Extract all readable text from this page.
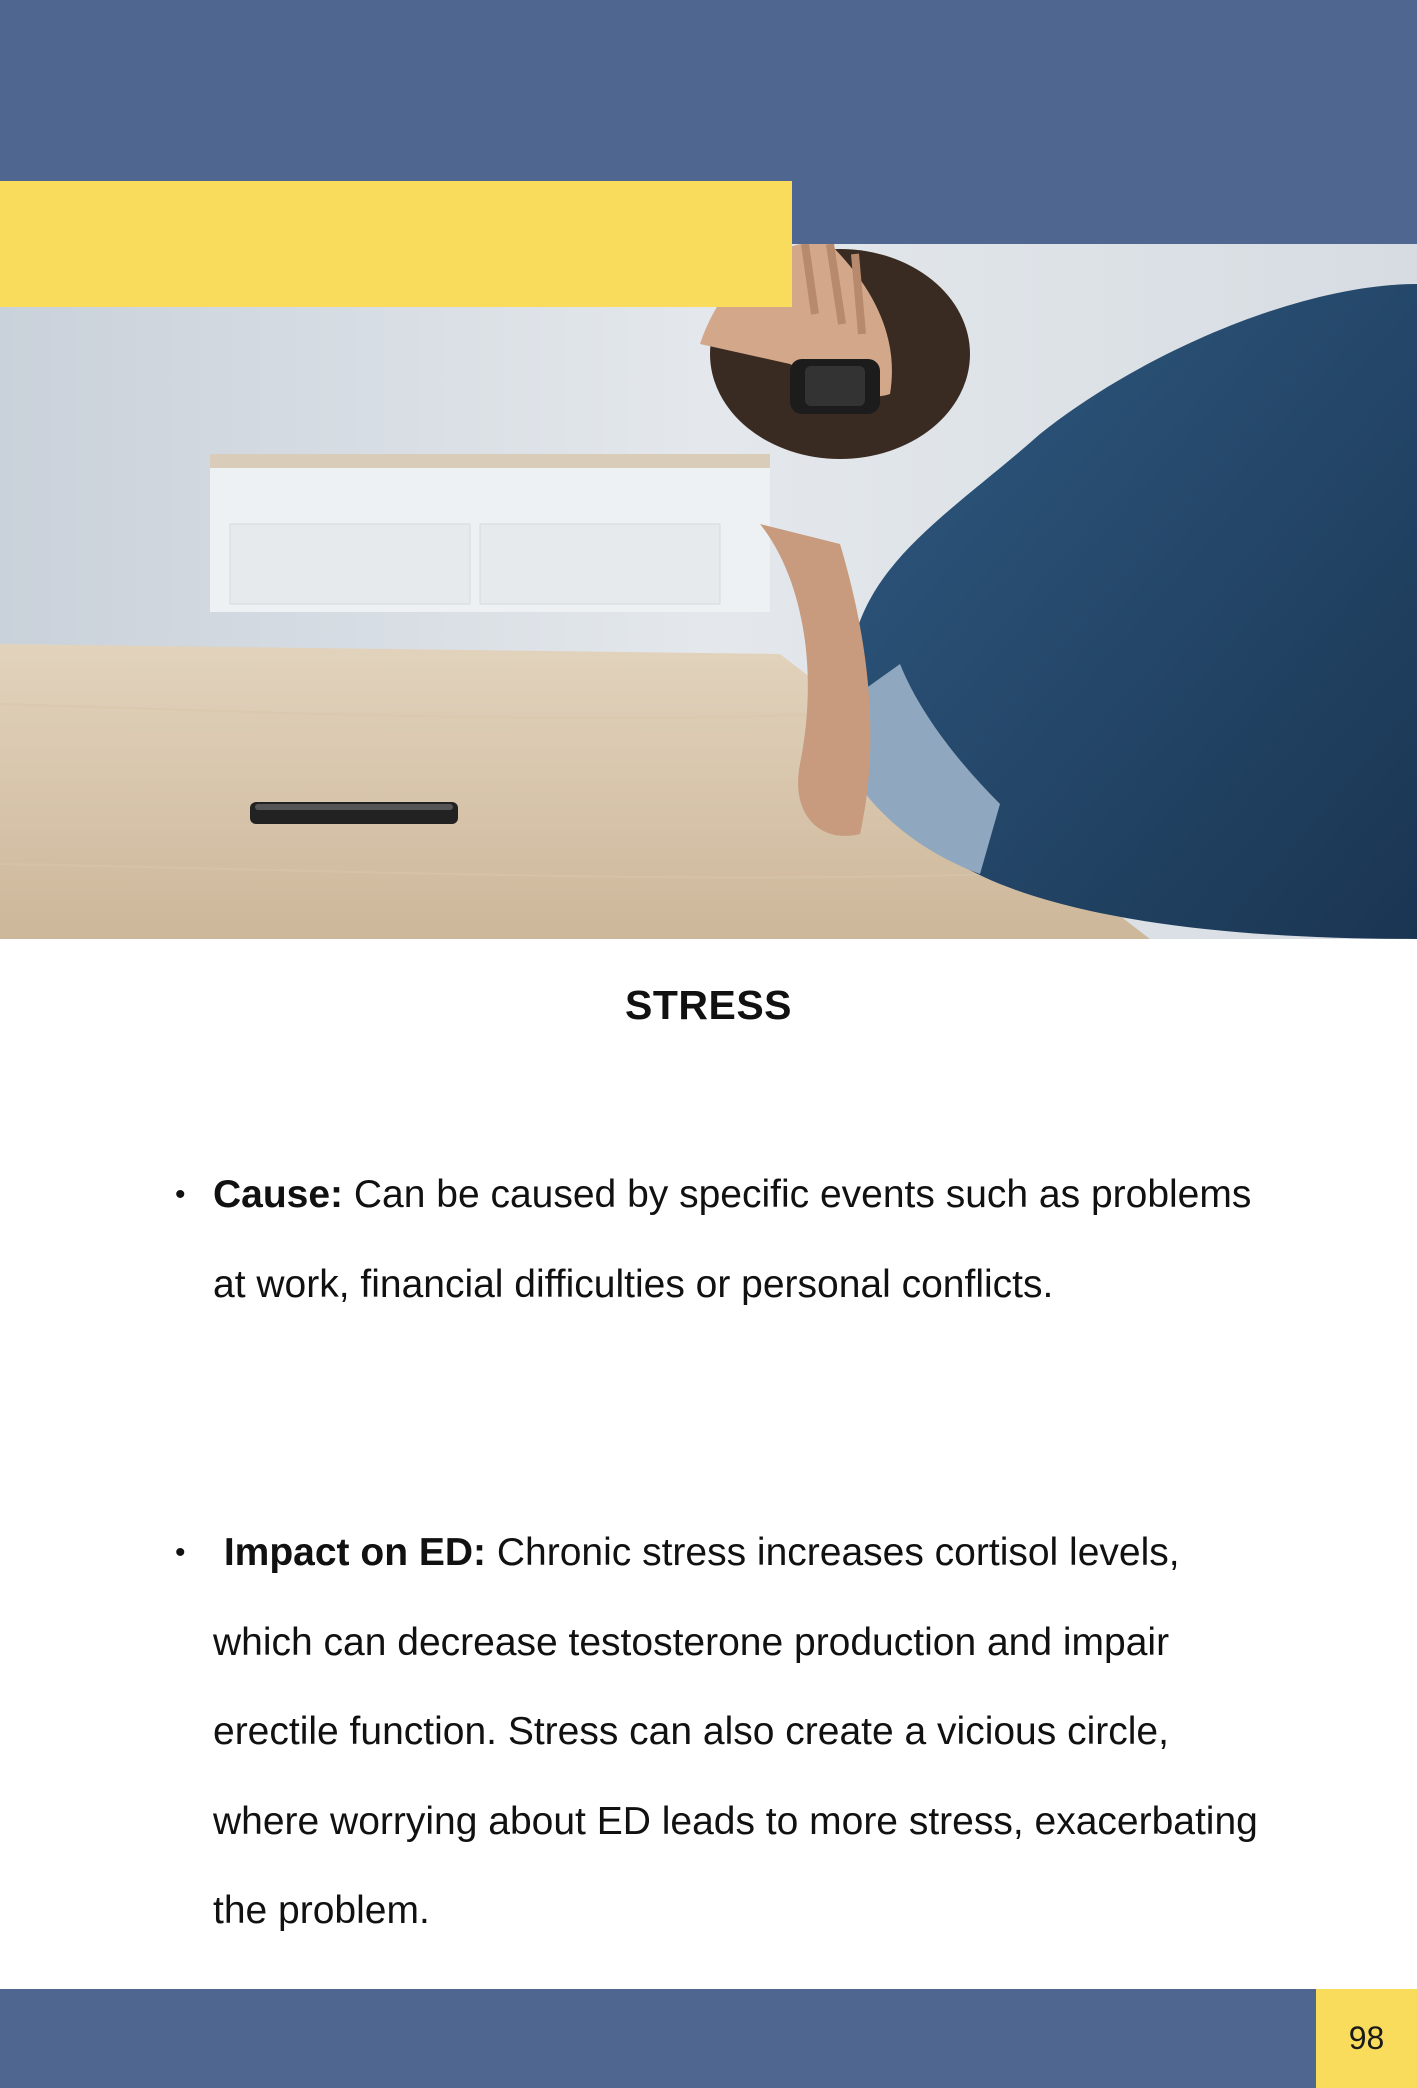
STRESS
• Cause: Can be caused by specific events such as problems at work, financial difficulties or personal conflicts.
• Impact on ED: Chronic stress increases cortisol levels, which can decrease testosterone production and impair erectile function. Stress can also create a vicious circle, where worrying about ED leads to more stress, exacerbating the problem.
98
